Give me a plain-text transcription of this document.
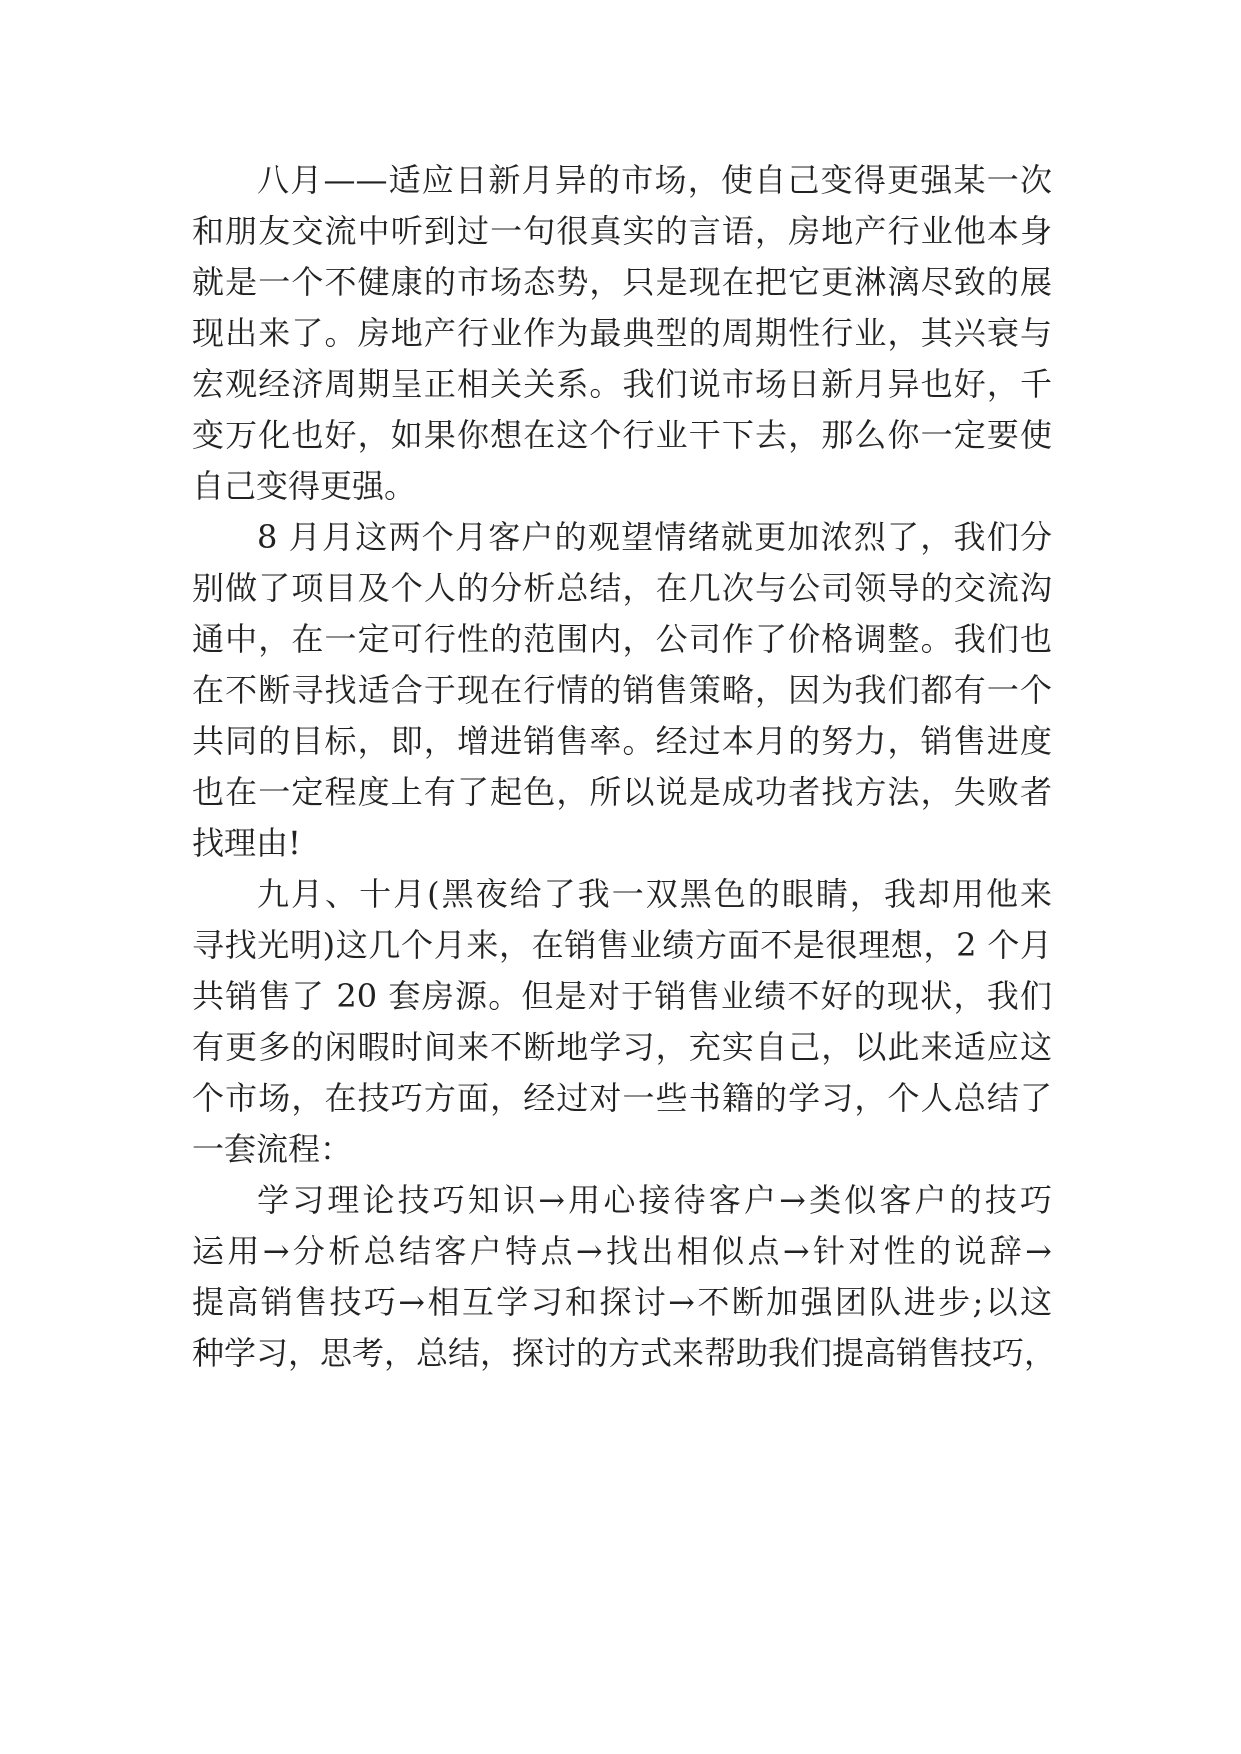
八月——适应日新月异的市场，使自己变得更强某一次
和朋友交流中听到过一句很真实的言语，房地产行业他本身
就是一个不健康的市场态势，只是现在把它更淋漓尽致的展
现出来了。房地产行业作为最典型的周期性行业，其兴衰与
宏观经济周期呈正相关关系。我们说市场日新月异也好，千
变万化也好，如果你想在这个行业干下去，那么你一定要使
自己变得更强。
8 月月这两个月客户的观望情绪就更加浓烈了，我们分
别做了项目及个人的分析总结，在几次与公司领导的交流沟
通中，在一定可行性的范围内，公司作了价格调整。我们也
在不断寻找适合于现在行情的销售策略，因为我们都有一个
共同的目标，即，增进销售率。经过本月的努力，销售进度
也在一定程度上有了起色，所以说是成功者找方法，失败者
找理由!
九月、十月(黑夜给了我一双黑色的眼睛，我却用他来
寻找光明)这几个月来，在销售业绩方面不是很理想，2 个月
共销售了 20 套房源。但是对于销售业绩不好的现状，我们
有更多的闲暇时间来不断地学习，充实自己，以此来适应这
个市场，在技巧方面，经过对一些书籍的学习，个人总结了
一套流程：
学习理论技巧知识→用心接待客户→类似客户的技巧
运用→分析总结客户特点→找出相似点→针对性的说辞→
提高销售技巧→相互学习和探讨→不断加强团队进步;以这
种学习，思考，总结，探讨的方式来帮助我们提高销售技巧，
